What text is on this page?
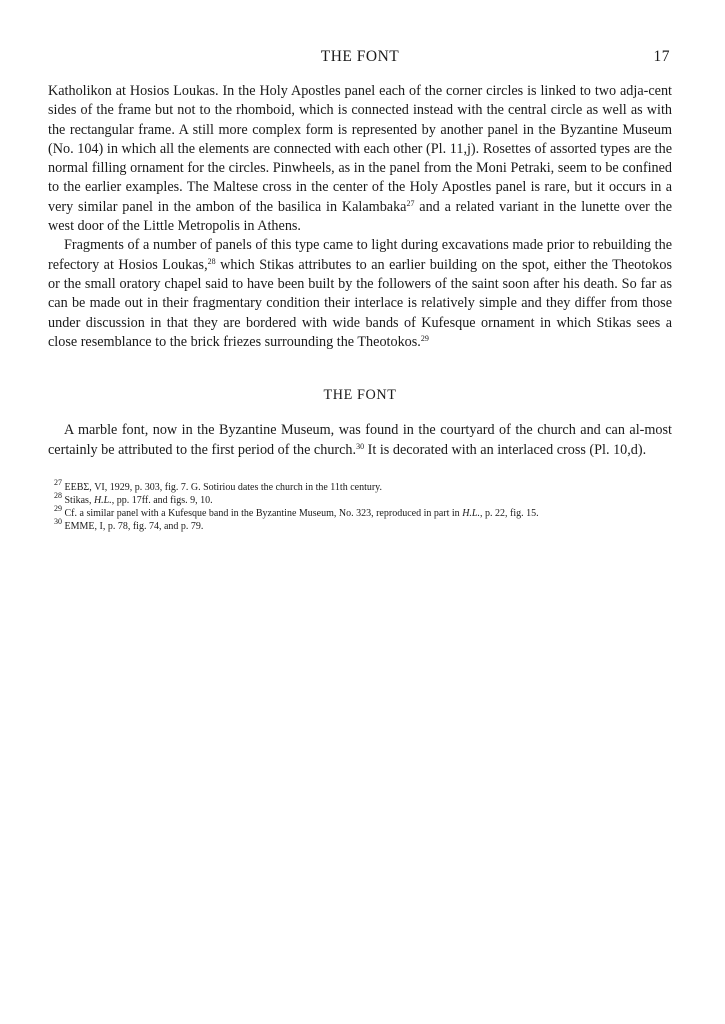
THE FONT	17

Katholikon at Hosios Loukas. In the Holy Apostles panel each of the corner circles is linked to two adja-cent sides of the frame but not to the rhomboid, which is connected instead with the central circle as well as with the rectangular frame. A still more complex form is represented by another panel in the Byzantine Museum (No. 104) in which all the elements are connected with each other (Pl. 11,j). Rosettes of assorted types are the normal filling ornament for the circles. Pinwheels, as in the panel from the Moni Petraki, seem to be confined to the earlier examples. The Maltese cross in the center of the Holy Apostles panel is rare, but it occurs in a very similar panel in the ambon of the basilica in Kalambaka$^{27}$ and a related variant in the lunette over the west door of the Little Metropolis in Athens.

Fragments of a number of panels of this type came to light during excavations made prior to rebuilding the refectory at Hosios Loukas,$^{28}$ which Stikas attributes to an earlier building on the spot, either the Theotokos or the small oratory chapel said to have been built by the followers of the saint soon after his death. So far as can be made out in their fragmentary condition their interlace is relatively simple and they differ from those under discussion in that they are bordered with wide bands of Kufesque ornament in which Stikas sees a close resemblance to the brick friezes surrounding the Theotokos.$^{29}$

THE FONT

A marble font, now in the Byzantine Museum, was found in the courtyard of the church and can al-most certainly be attributed to the first period of the church.$^{30}$ It is decorated with an interlaced cross (Pl. 10,d).

$^{27}$ ΕΕΒΣ, VI, 1929, p. 303, fig. 7. G. Sotiriou dates the church in the 11th century.

$^{28}$ Stikas, H.L., pp. 17ff. and figs. 9, 10.

$^{29}$ Cf. a similar panel with a Kufesque band in the Byzantine Museum, No. 323, reproduced in part in H.L., p. 22, fig. 15.

$^{30}$ EMME, I, p. 78, fig. 74, and p. 79.
